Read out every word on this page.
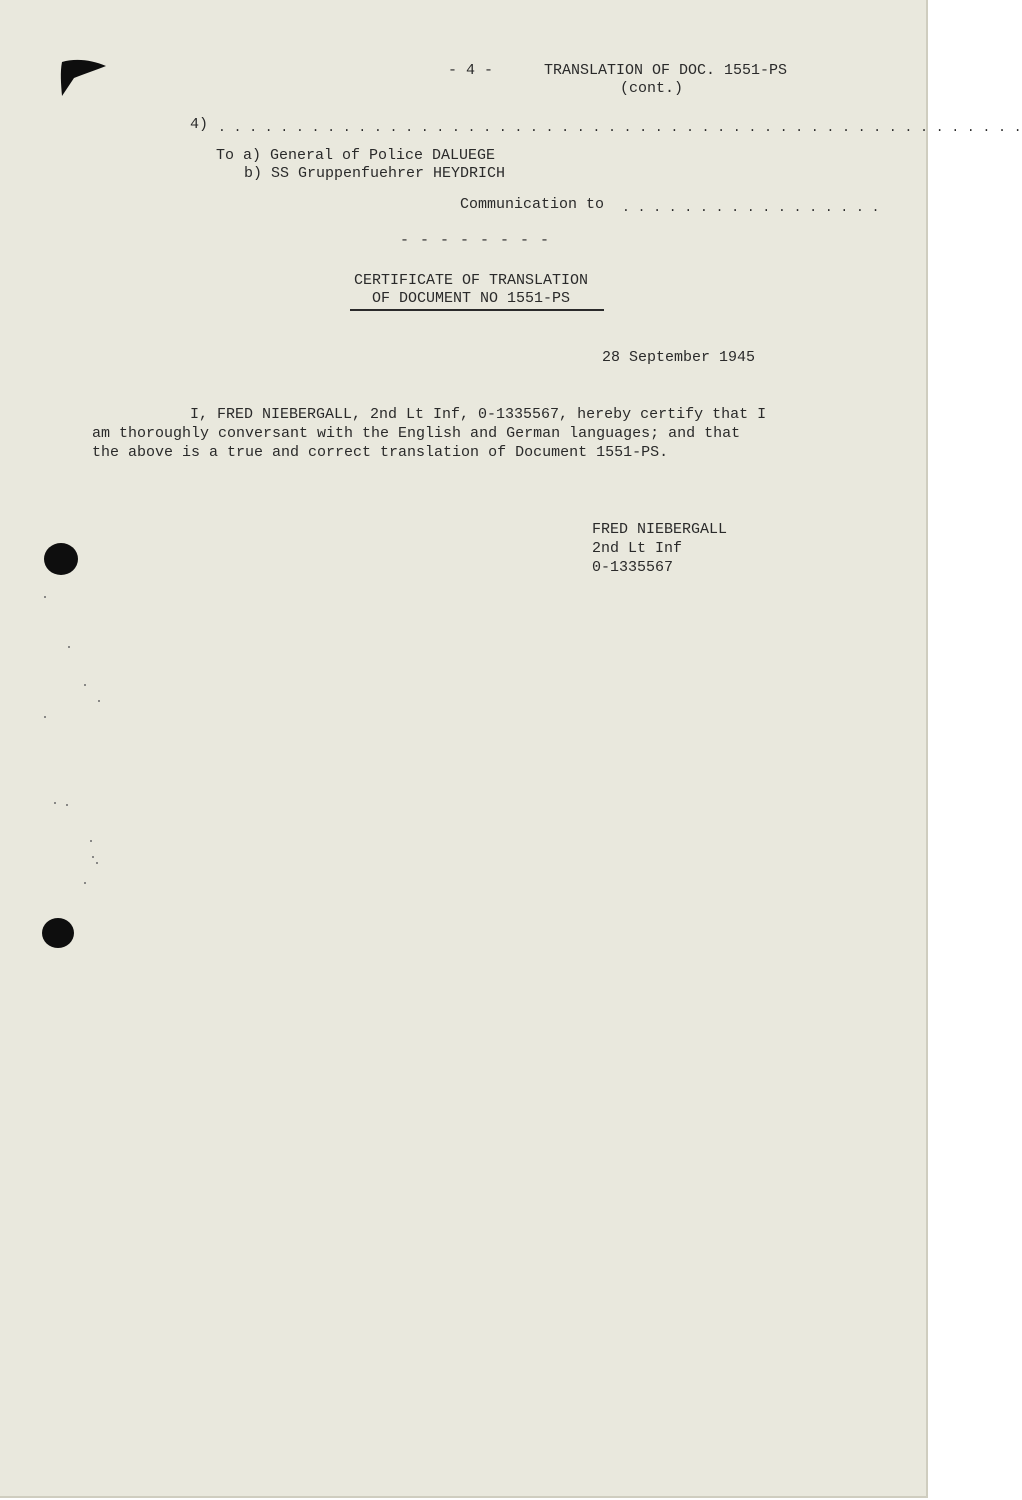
- 4 -	TRANSLATION OF DOC. 1551-PS
(cont.)
4) . . . . . . . . . . . . . . . . . . . . . . . . . . . . . . . . . . . . . . . . . . . . . . . . . . . .
To a) General of Police DALUEGE
b) SS Gruppenfuehrer HEYDRICH
Communication to . . . . . . . . . . . . . . . . .
- - - - - - - -
CERTIFICATE OF TRANSLATION
OF DOCUMENT NO 1551-PS
28 September 1945
I, FRED NIEBERGALL, 2nd Lt Inf, 0-1335567, hereby certify that I
am thoroughly conversant with the English and German languages; and that
the above is a true and correct translation of Document 1551-PS.
FRED NIEBERGALL
2nd Lt Inf
0-1335567
